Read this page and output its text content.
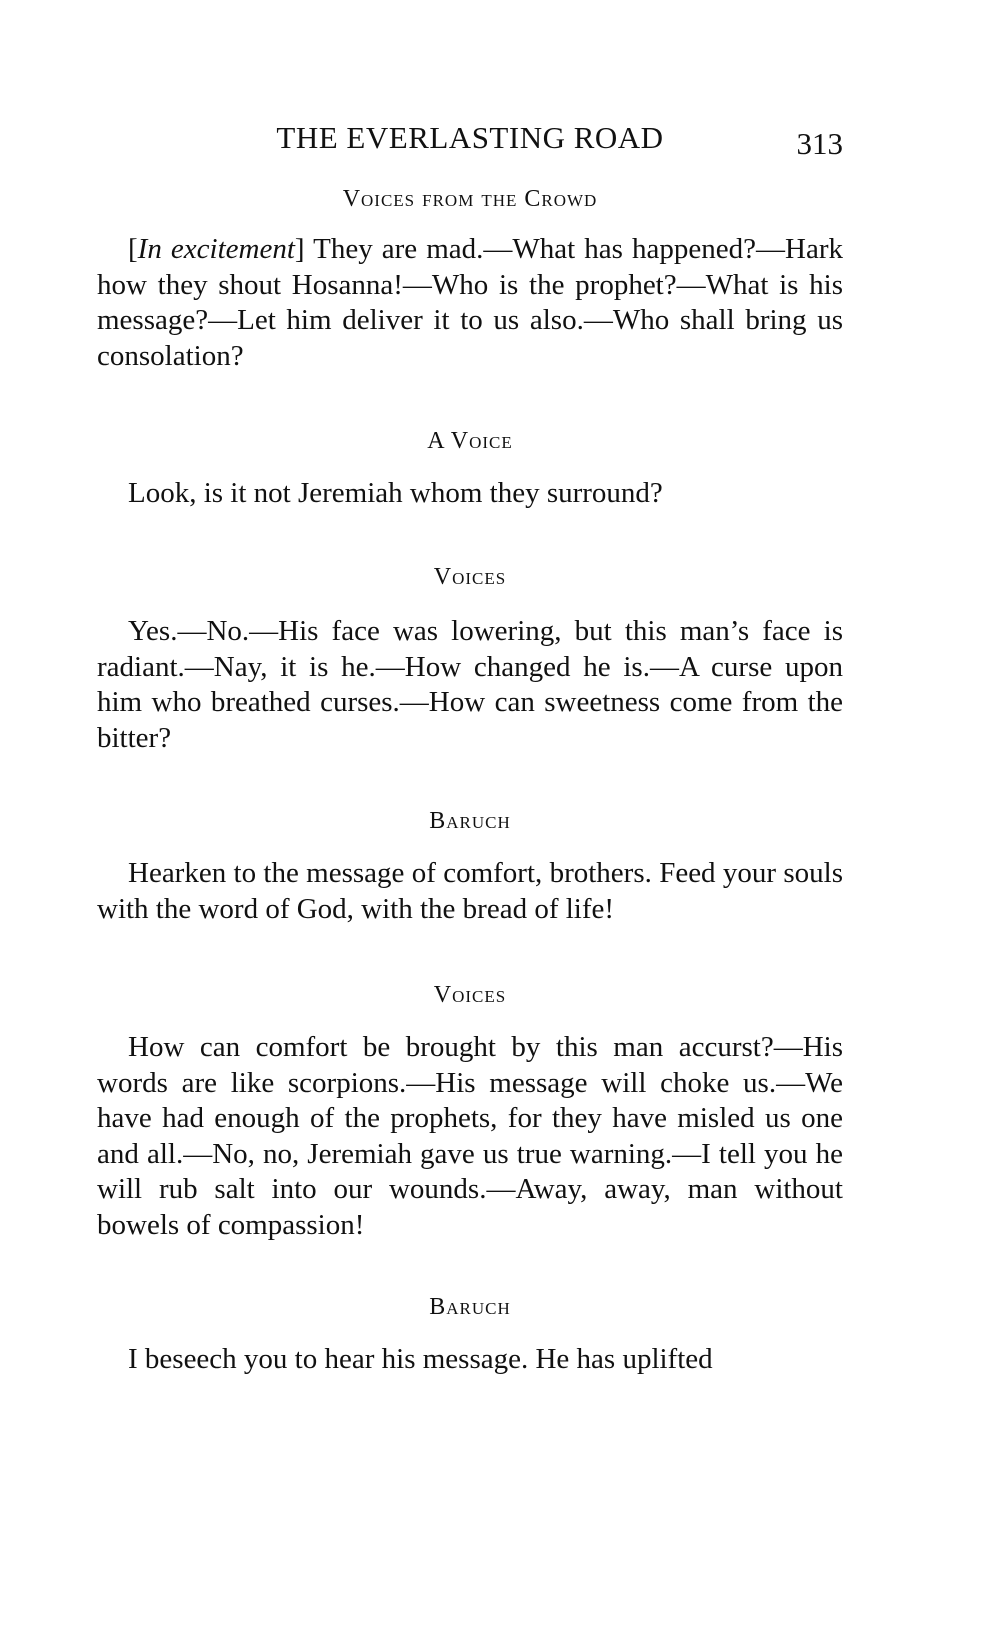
THE EVERLASTING ROAD	313
Voices from the Crowd

[In excitement] They are mad.—What has happened?—Hark how they shout Hosanna!—Who is the prophet?—What is his message?—Let him deliver it to us also.—Who shall bring us consolation?

A Voice

Look, is it not Jeremiah whom they surround?

Voices

Yes.—No.—His face was lowering, but this man’s face is radiant.—Nay, it is he.—How changed he is.—A curse upon him who breathed curses.—How can sweetness come from the bitter?

Baruch

Hearken to the message of comfort, brothers. Feed your souls with the word of God, with the bread of life!

Voices

How can comfort be brought by this man accurst?—His words are like scorpions.—His message will choke us.—We have had enough of the prophets, for they have misled us one and all.—No, no, Jeremiah gave us true warning.—I tell you he will rub salt into our wounds.—Away, away, man without bowels of compassion!

Baruch

I beseech you to hear his message. He has uplifted
